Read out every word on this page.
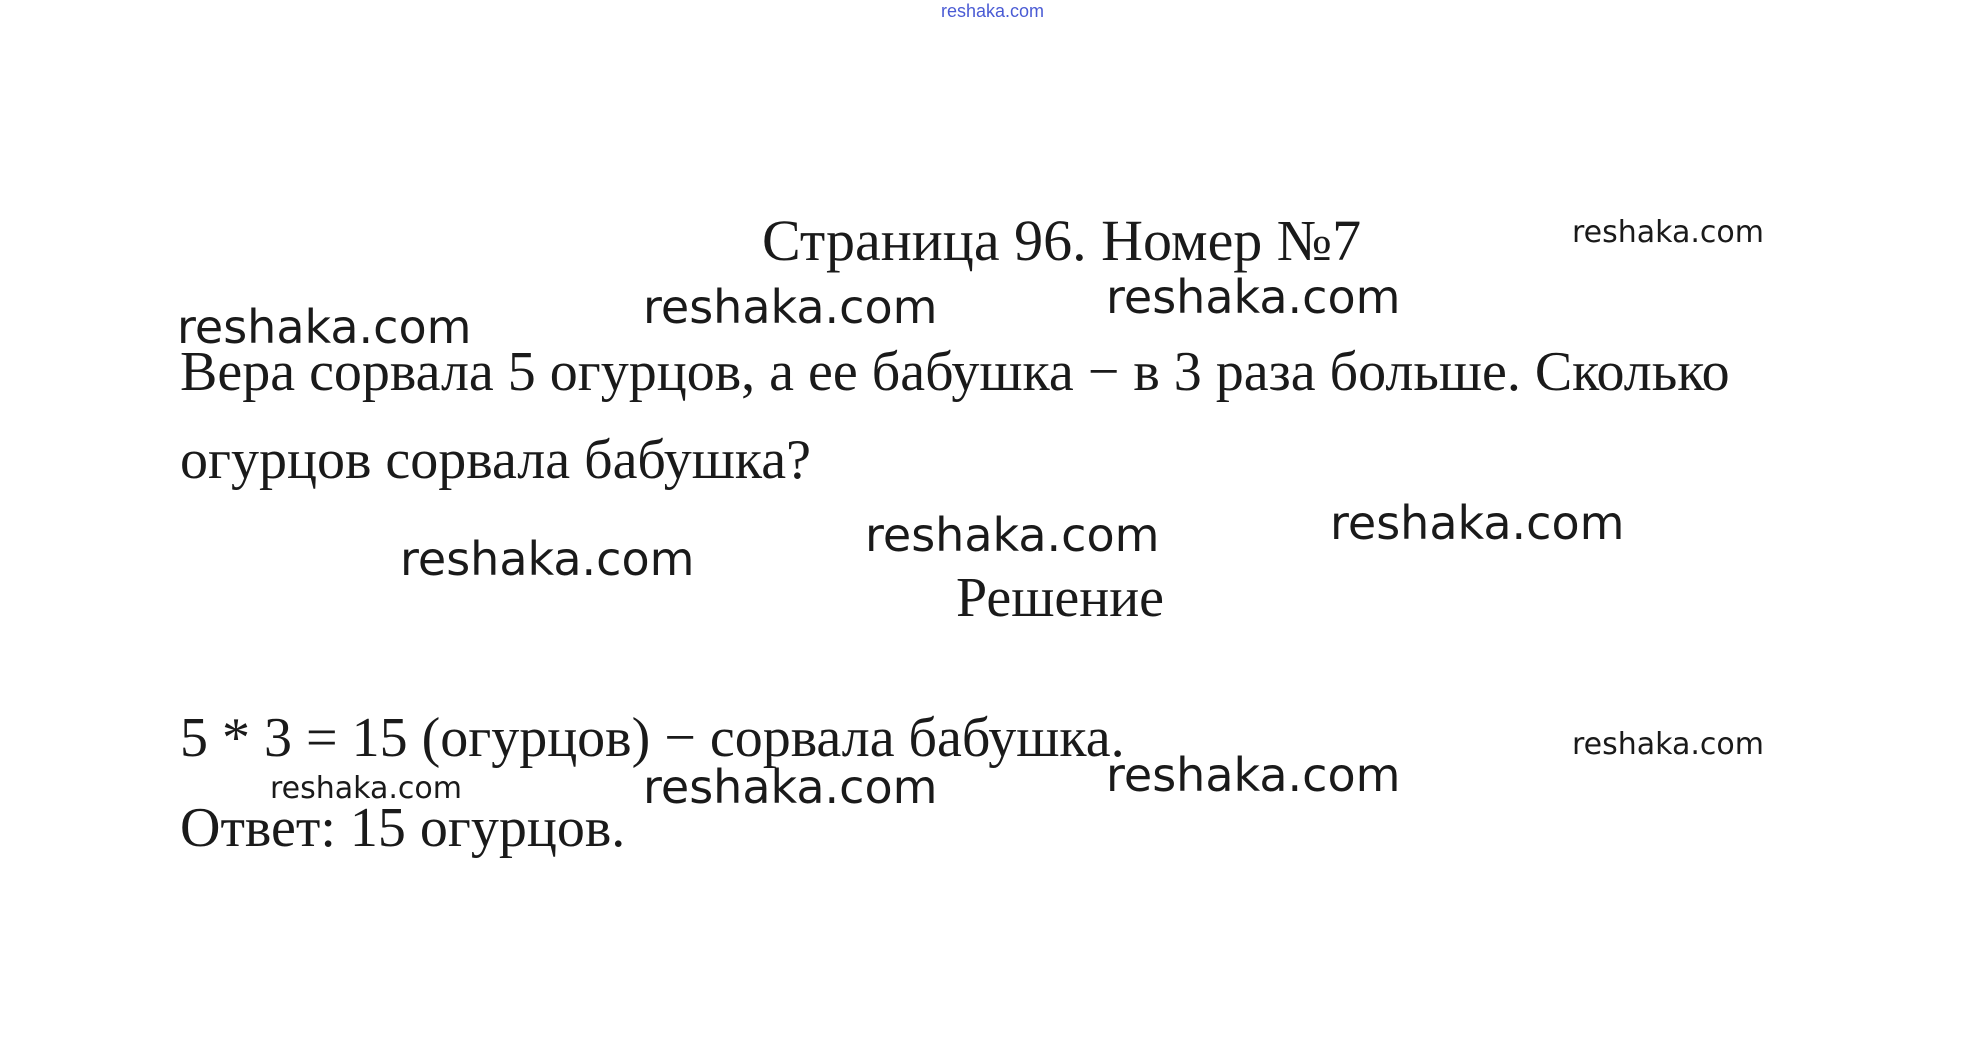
reshaka.com
Страница 96. Номер №7
Вера сорвала 5 огурцов, а ее бабушка − в 3 раза больше. Сколько
огурцов сорвала бабушка?
Решение
5 * 3 = 15 (огурцов) − сорвала бабушка.
Ответ: 15 огурцов.
reshaka.com
reshaka.com	reshaka.com
reshaka.com
reshaka.com
reshaka.com
reshaka.com
reshaka.com
reshaka.com
reshaka.com
reshaka.com
